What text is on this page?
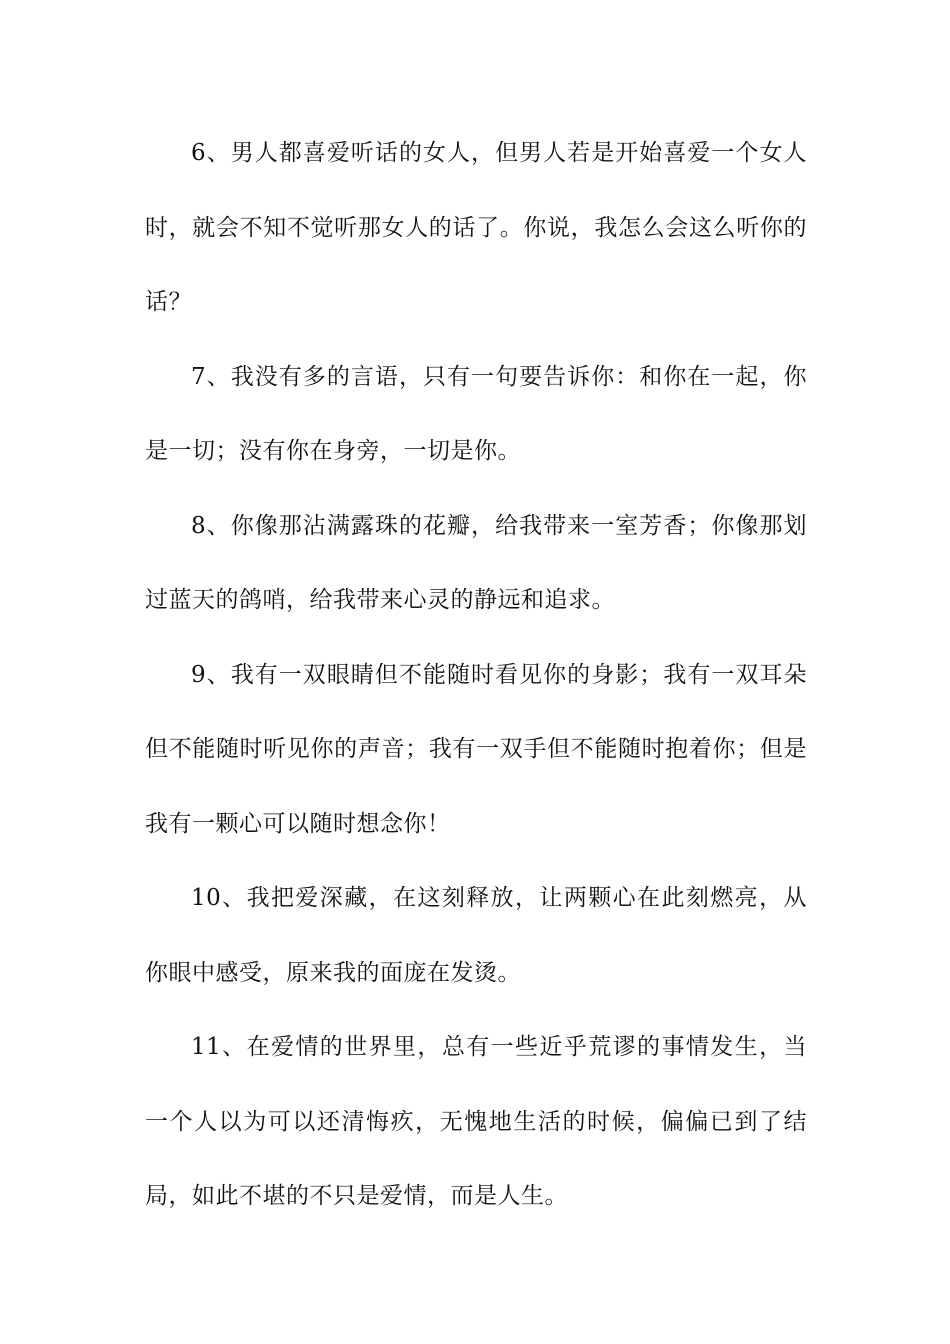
6、男人都喜爱听话的女人，但男人若是开始喜爱一个女人时，就会不知不觉听那女人的话了。你说，我怎么会这么听你的话？

7、我没有多的言语，只有一句要告诉你：和你在一起，你是一切；没有你在身旁，一切是你。

8、你像那沾满露珠的花瓣，给我带来一室芳香；你像那划过蓝天的鸽哨，给我带来心灵的静远和追求。

9、我有一双眼睛但不能随时看见你的身影；我有一双耳朵但不能随时听见你的声音；我有一双手但不能随时抱着你；但是我有一颗心可以随时想念你！

10、我把爱深藏，在这刻释放，让两颗心在此刻燃亮，从你眼中感受，原来我的面庞在发烫。

11、在爱情的世界里，总有一些近乎荒谬的事情发生，当一个人以为可以还清悔疚，无愧地生活的时候，偏偏已到了结局，如此不堪的不只是爱情，而是人生。
